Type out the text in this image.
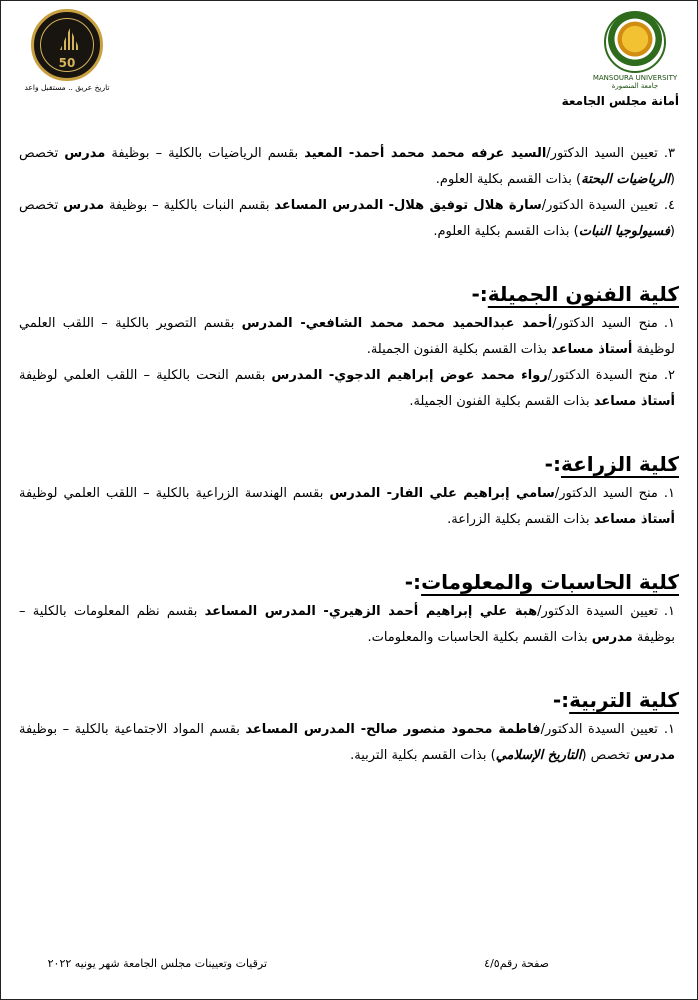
MANSOURA UNIVERSITY جامعة المنصورة
أمانة مجلس الجامعة
50
تاريخ عريق .. مستقبل واعد

٣.تعيين السيد الدكتور/السيد عرفه محمد محمد أحمد- المعيد بقسم الرياضيات بالكلية – بوظيفة مدرس تخصص (الرياضيات البحتة) بذات القسم بكلية العلوم.

٤.تعيين السيدة الدكتور/سارة هلال توفيق هلال- المدرس المساعد بقسم النبات بالكلية – بوظيفة مدرس تخصص (فسيولوجيا النبات) بذات القسم بكلية العلوم.

كلية الفنون الجميلة:-

١.منح السيد الدكتور/أحمد عبدالحميد محمد محمد الشافعي- المدرس بقسم التصوير بالكلية – اللقب العلمي لوظيفة أستاذ مساعد بذات القسم بكلية الفنون الجميلة.

٢.منح السيدة الدكتور/رواء محمد عوض إبراهيم الدجوي- المدرس بقسم النحت بالكلية – اللقب العلمي لوظيفة أستاذ مساعد بذات القسم بكلية الفنون الجميلة.

كلية الزراعة:-

١.منح السيد الدكتور/سامي إبراهيم علي الفار- المدرس بقسم الهندسة الزراعية بالكلية – اللقب العلمي لوظيفة أستاذ مساعد بذات القسم بكلية الزراعة.

كلية الحاسبات والمعلومات:-

١.تعيين السيدة الدكتور/هبة علي إبراهيم أحمد الزهيري- المدرس المساعد بقسم نظم المعلومات بالكلية – بوظيفة مدرس بذات القسم بكلية الحاسبات والمعلومات.

كلية التربية:-

١.تعيين السيدة الدكتور/فاطمة محمود منصور صالح- المدرس المساعد بقسم المواد الاجتماعية بالكلية – بوظيفة مدرس تخصص (التاريخ الإسلامي) بذات القسم بكلية التربية.

ترقيات وتعيينات مجلس الجامعة شهر يونيه ٢٠٢٢	صفحة رقم٤/٥
